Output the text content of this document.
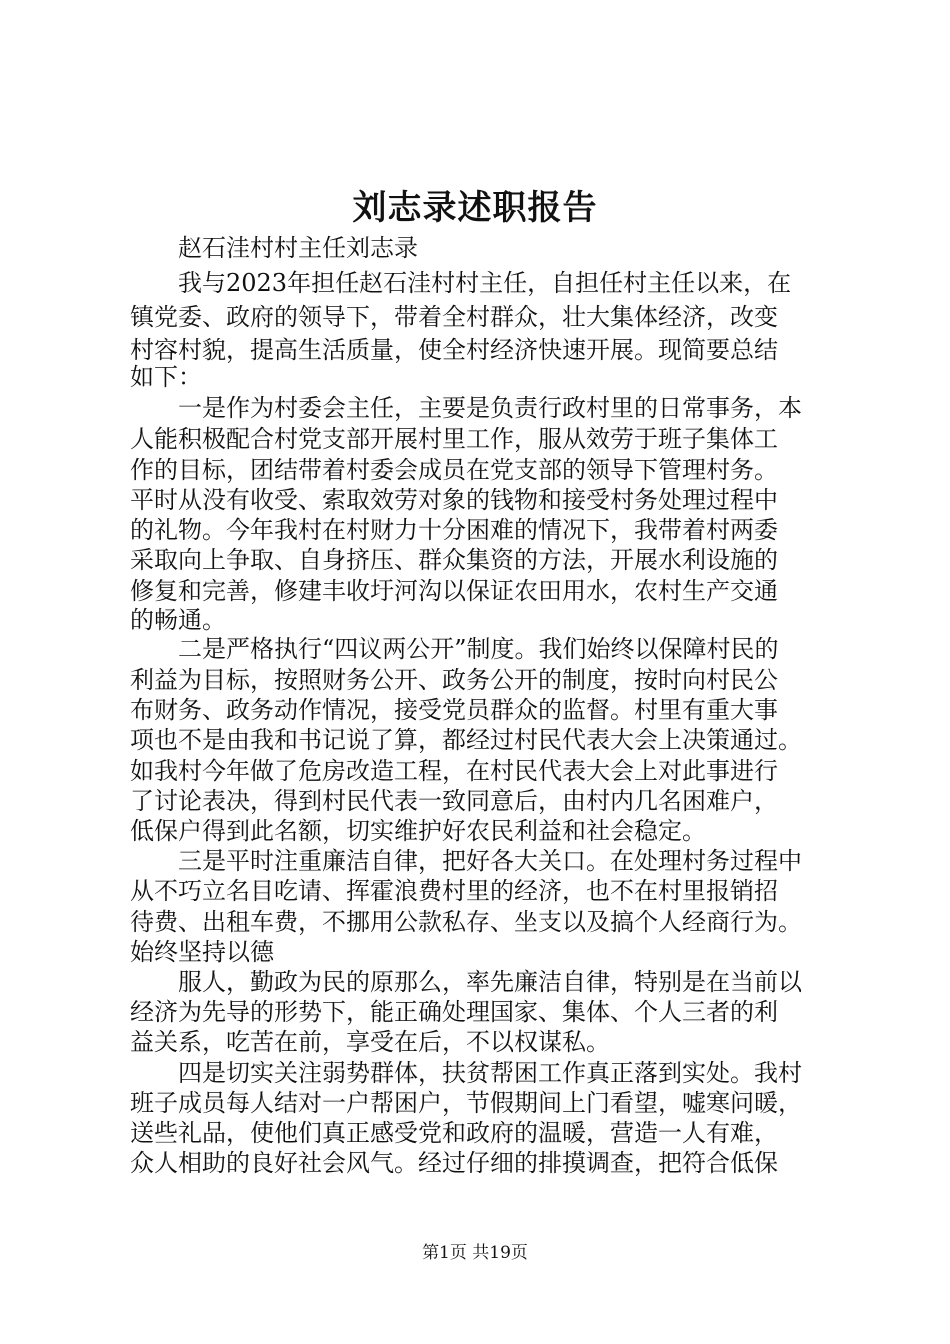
刘志录述职报告
赵石洼村村主任刘志录
我与2023年担任赵石洼村村主任，自担任村主任以来，在
镇党委、政府的领导下，带着全村群众，壮大集体经济，改变
村容村貌，提高生活质量，使全村经济快速开展。现简要总结
如下：
一是作为村委会主任，主要是负责行政村里的日常事务，本
人能积极配合村党支部开展村里工作，服从效劳于班子集体工
作的目标，团结带着村委会成员在党支部的领导下管理村务。
平时从没有收受、索取效劳对象的钱物和接受村务处理过程中
的礼物。今年我村在村财力十分困难的情况下，我带着村两委
采取向上争取、自身挤压、群众集资的方法，开展水利设施的
修复和完善，修建丰收圩河沟以保证农田用水，农村生产交通
的畅通。
二是严格执行“四议两公开”制度。我们始终以保障村民的
利益为目标，按照财务公开、政务公开的制度，按时向村民公
布财务、政务动作情况，接受党员群众的监督。村里有重大事
项也不是由我和书记说了算，都经过村民代表大会上决策通过。
如我村今年做了危房改造工程，在村民代表大会上对此事进行
了讨论表决，得到村民代表一致同意后，由村内几名困难户，
低保户得到此名额，切实维护好农民利益和社会稳定。
三是平时注重廉洁自律，把好各大关口。在处理村务过程中
从不巧立名目吃请、挥霍浪费村里的经济，也不在村里报销招
待费、出租车费，不挪用公款私存、坐支以及搞个人经商行为。
始终坚持以德
服人，勤政为民的原那么，率先廉洁自律，特别是在当前以
经济为先导的形势下，能正确处理国家、集体、个人三者的利
益关系，吃苦在前，享受在后，不以权谋私。
四是切实关注弱势群体，扶贫帮困工作真正落到实处。我村
班子成员每人结对一户帮困户，节假期间上门看望，嘘寒问暖，
送些礼品，使他们真正感受党和政府的温暖，营造一人有难，
众人相助的良好社会风气。经过仔细的排摸调查，把符合低保
第1页 共19页
